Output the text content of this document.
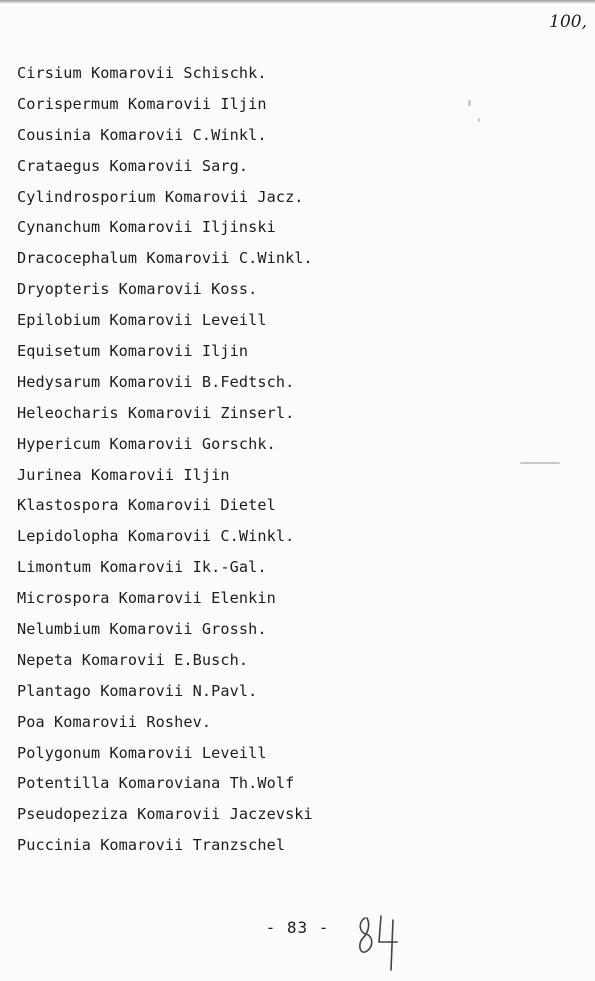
100,
Cirsium Komarovii Schischk.
Corispermum Komarovii Iljin
Cousinia Komarovii C.Winkl.
Crataegus Komarovii Sarg.
Cylindrosporium Komarovii Jacz.
Cynanchum Komarovii Iljinski
Dracocephalum Komarovii C.Winkl.
Dryopteris Komarovii Koss.
Epilobium Komarovii Leveill
Equisetum Komarovii Iljin
Hedysarum Komarovii B.Fedtsch.
Heleocharis Komarovii Zinserl.
Hypericum Komarovii Gorschk.
Jurinea Komarovii Iljin
Klastospora Komarovii Dietel
Lepidolopha Komarovii C.Winkl.
Limontum Komarovii Ik.-Gal.
Microspora Komarovii Elenkin
Nelumbium Komarovii Grossh.
Nepeta Komarovii E.Busch.
Plantago Komarovii N.Pavl.
Poa Komarovii Roshev.
Polygonum Komarovii Leveill
Potentilla Komaroviana Th.Wolf
Pseudopeziza Komarovii Jaczevski
Puccinia Komarovii Tranzschel
- 83 -
